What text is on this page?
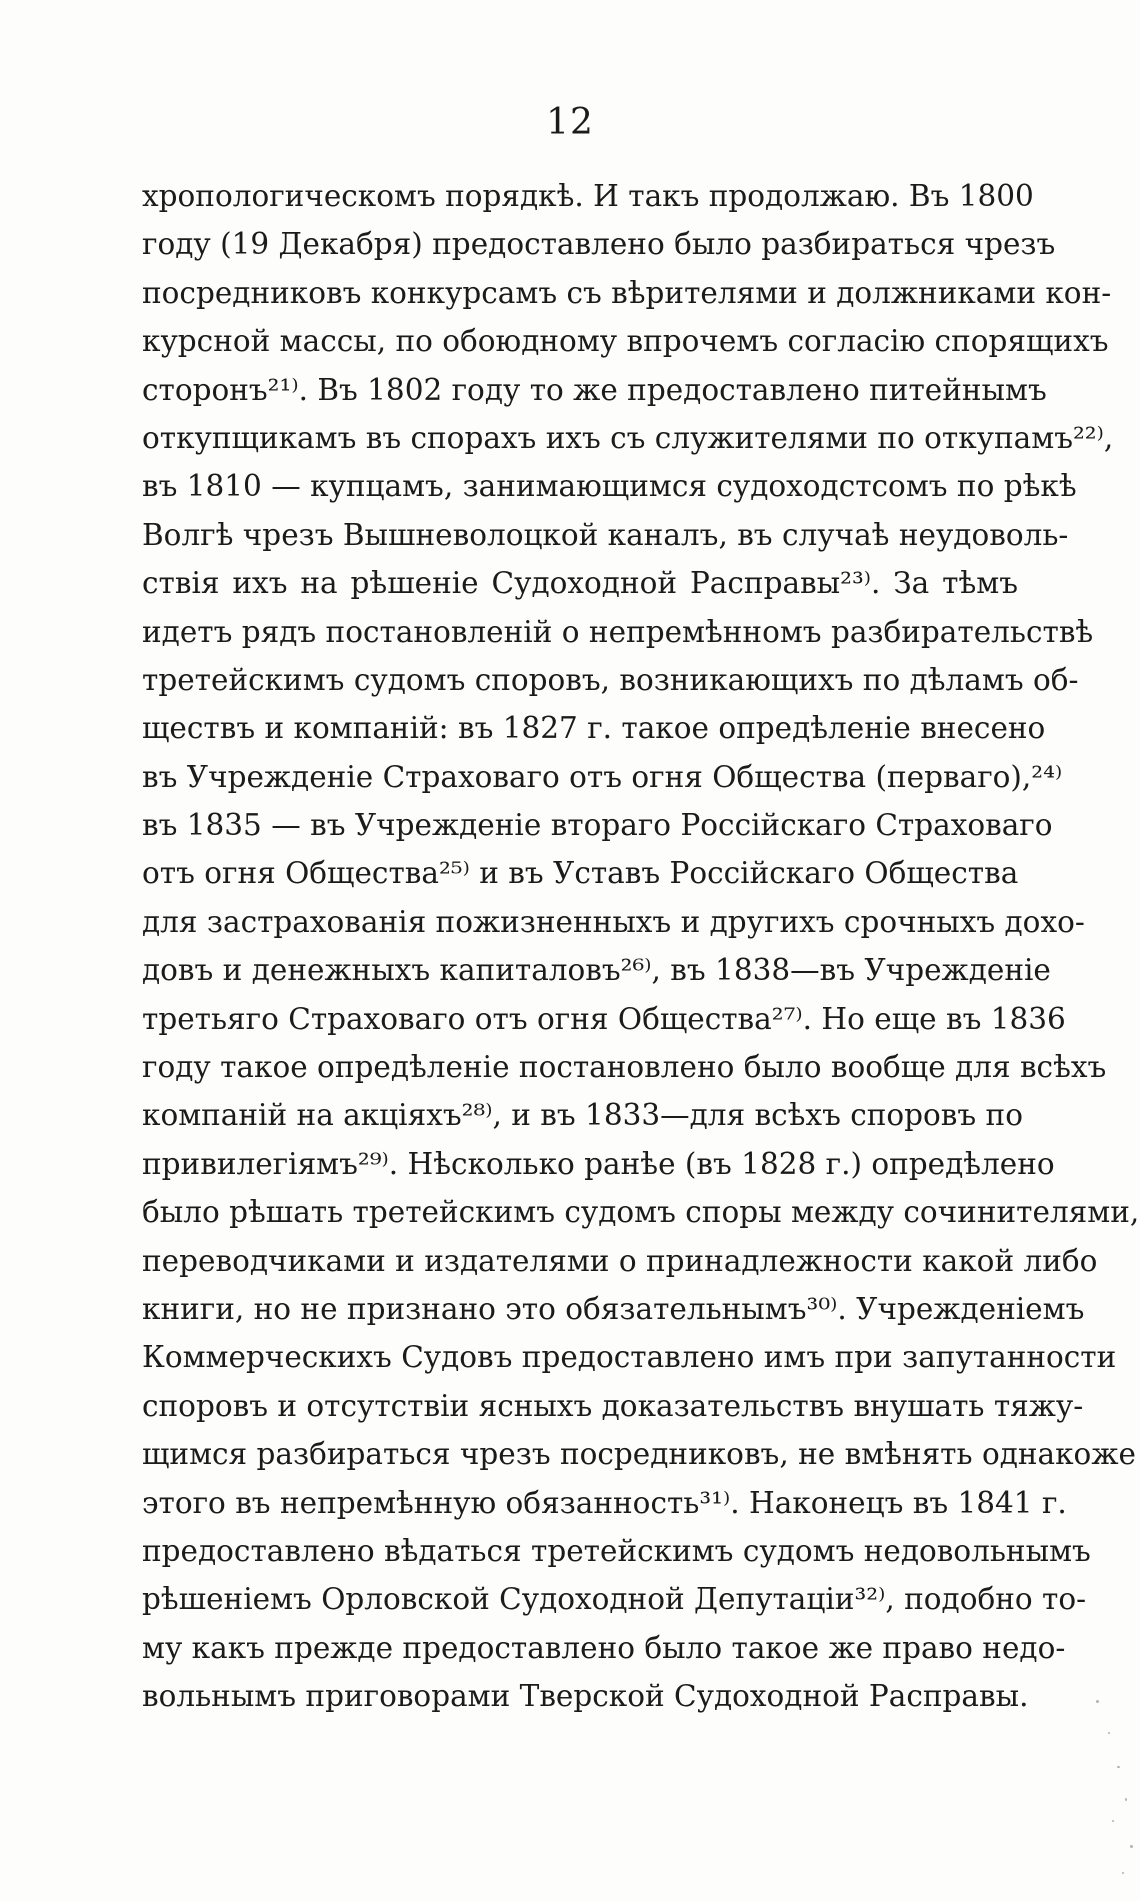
12
хропологическомъ порядкѣ. И такъ продолжаю. Въ 1800
году (19 Декабря) предоставлено было разбираться чрезъ
посредниковъ конкурсамъ съ вѣрителями и должниками кон-
курсной массы, по обоюдному впрочемъ согласію спорящихъ
сторонъ²¹⁾. Въ 1802 году то же предоставлено питейнымъ
откупщикамъ въ спорахъ ихъ съ служителями по откупамъ²²⁾,
въ 1810 — купцамъ, занимающимся судоходстсомъ по рѣкѣ
Волгѣ чрезъ Вышневолоцкой каналъ, въ случаѣ неудоволь-
ствія ихъ на рѣшеніе Судоходной Расправы²³⁾. За тѣмъ
идетъ рядъ постановленій о непремѣнномъ разбирательствѣ
третейскимъ судомъ споровъ, возникающихъ по дѣламъ об-
ществъ и компаній: въ 1827 г. такое опредѣленіе внесено
въ Учрежденіе Страховаго отъ огня Общества (перваго),²⁴⁾
въ 1835 — въ Учрежденіе втораго Россійскаго Страховаго
отъ огня Общества²⁵⁾ и въ Уставъ Россійскаго Общества
для застрахованія пожизненныхъ и другихъ срочныхъ дохо-
довъ и денежныхъ капиталовъ²⁶⁾, въ 1838—въ Учрежденіе
третьяго Страховаго отъ огня Общества²⁷⁾. Но еще въ 1836
году такое опредѣленіе постановлено было вообще для всѣхъ
компаній на акціяхъ²⁸⁾, и въ 1833—для всѣхъ споровъ по
привилегіямъ²⁹⁾. Нѣсколько ранѣе (въ 1828 г.) опредѣлено
было рѣшать третейскимъ судомъ споры между сочинителями,
переводчиками и издателями о принадлежности какой либо
книги, но не признано это обязательнымъ³⁰⁾. Учрежденіемъ
Коммерческихъ Судовъ предоставлено имъ при запутанности
споровъ и отсутствіи ясныхъ доказательствъ внушать тяжу-
щимся разбираться чрезъ посредниковъ, не вмѣнять однакоже
этого въ непремѣнную обязанность³¹⁾. Наконецъ въ 1841 г.
предоставлено вѣдаться третейскимъ судомъ недовольнымъ
рѣшеніемъ Орловской Судоходной Депутаціи³²⁾, подобно то-
му какъ прежде предоставлено было такое же право недо-
вольнымъ приговорами Тверской Судоходной Расправы.
